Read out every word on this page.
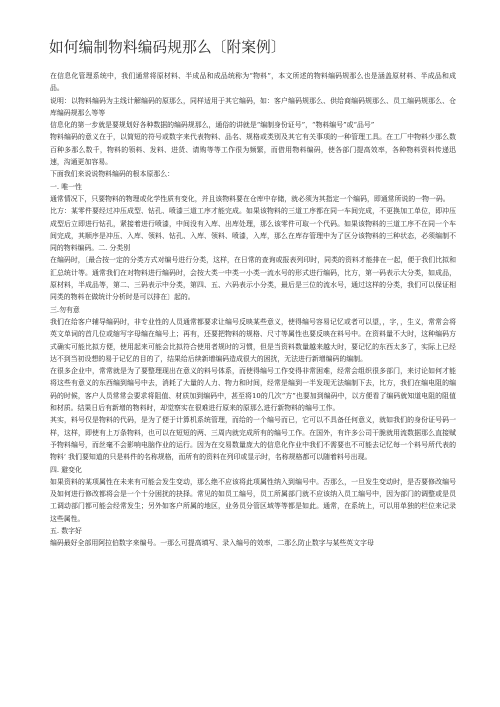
如何编制物料编码规那么〔附案例〕

在信息化管理系统中，我们通常将原材料、半成品和成品统称为“物料”，本文所述的物料编码规那么也是涵盖原材料、半成品和成品。

说明：以物料编码为主线计解编码的原那么，同样适用于其它编码，如：客户编码规那么、供给商编码规那么、员工编码规那么、仓库编码规那么等等

信息化的第一步就是要规划好各种数据的编码规那么，通俗的讲就是“编制身份证号”，“物料编号”或“品号”

物料编码的意义在于，以简短的符号或数字来代表物料、品名、规格或类别及其它有关事项的一种管理工具。在工厂中物料少那么数百种多那么数千，物料的领料、发料、进货、请购等等工作很为频繁，而借用物料编码，使各部门提高效率，各种物料资料传递迅速，沟通更加容易。

下面我们来说说物料编码的根本原那么：

一. 唯一性

通常情况下，只要物料的物理或化学性质有变化，并且该物料要在仓库中存储，就必须为其指定一个编码，即通常所说的一物一码。

比方：某零件要经过冲压成型、钻孔、喷漆三道工序才能完成。如果该物料的三道工序都在同一车间完成，不更换加工单位，即冲压成型后立即进行钻孔，紧接着进行喷漆，中间没有入库、出库处理，那么该零件可取一个代码。如果该物料的三道工序不在同一个车间完成，其顺序是冲压、入库、领料、钻孔、入库、领料、喷漆，入库，那么在库存管理中为了区分该物料的三种状态，必须编制不同的物料编码。二. 分类别

在编码时，〔最合按一定的分类方式对编号进行分类，这样，在日常的查询或报表列印时，同类的资料才能排在一起，便于我们比拟和汇总统计等。通常我们在对物料进行编码时，会按大类一中类一小类一流水号的形式进行编码，比方，第一码表示大分类，如成品，原材料，半成品等，第二、三码表示中分类，第四、五、六码表示小分类，最后是三位的流水号，通过这样的分类，我们可以保证相同类的物料在做统计分析时是可以排在〕起的。

三.勿有意

我们在给客户辅导编码时，非专业性的人员通常都要求让编号反映某些意义，使得编号容易记忆或者可以望，，字，，生义，常常会将英文单词的首几位或缩写字母编在编号上；再有，还要把物料的规格、尺寸等属性也要反映在料号中。在资料量不大时，这种编码方式确实可能比拟方便，使用起来可能会比拟符合使用者规时的习惯，但是当资料数量越来越大时，要记忆的东西太多了，实际上已经达不到当初设想的易于记忆的目的了，结果给后续新增编码造成很大的困扰，无法进行新增编码的编制。

在很多企业中，常常就是为了要整理现出在意义的料号体系，而使得编号工作变得非常困难，经常会组织很多部门，来讨论如何才能将这些有意义的东西编到编号中去，消耗了大量的人力、物力和时间，经常是编到一半发现无法编制下去，比方，我们在编电阻的编码的时候，客户人员常常会要求将阻值、材质加到编码中，甚至将10的几次“方”也要加到编码中，以方便看了编码就知道电阻的阻值和材质。结果日后有新增的物料时，却觉察实在很难进行原来的原那么进行新物料的编号工作。

其实，料号仅是物料的代码，是为了便于计算机系统管理，而给的一个编号而已，它可以不具备任何意义，就如我们的身份证号码一样，这样，即使有上万条物料，也可以在短短的两、三周内就完成所有的编号工作。在国外，有许多公司干脆就用流数据那么直接赋予物料编号，而丝毫不会影响电脑作业的运行。因为在交易数量庞大的信息化作业中我们不需要也不可能去记忆每一个料号所代表的物料‘ 我们要知道的只是料件的名称规格，而所有的资料在列印或显示时，名称规格都可以随着料号出现。

四. 避变化

如果资料的某项属性在未来有可能会发生变动，那么绝不应该将此项属性纳入到编号中。否那么，一旦发生变动时，是否要修改编号及如何进行修改都将会是一个十分困扰的抉择。常见的如员工编号，员工所属部门就不应该纳入员工编号中，因为部门的调整或是员工调动部门都可能会经常发生；另外如客户所属的地区，业务员分管区域等等都是如此。通常，在系统上，可以用单独的栏位来记录这些属性。

五. 数字好

编码最好全部用阿拉伯数字来编号。一那么可提高填写、录入编号的效率，二那么防止数字与某些英文字母
